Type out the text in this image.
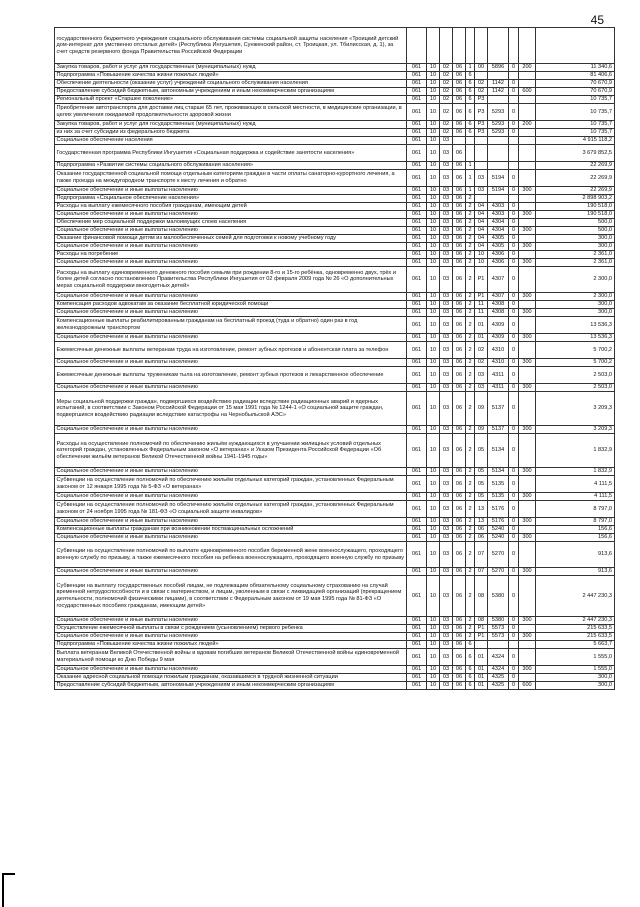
45
государственного бюджетного учреждения социального обслуживания системы социальной защиты населения «Троицкий детский дом-интернат для умственно отсталых детей» (Республика Ингушетия, Сунженский район, ст. Троицкая, ул. Тбилисская, д. 1), за счет средств резервного фонда Правительства Российской Федерации										
Закупка товаров, работ и услуг для государственных (муниципальных) нужд	061	10	02	06	1	00	5896	0	200	11 340,6
Подпрограмма «Повышение качества жизни пожилых людей»	061	10	02	06	6					81 406,6
Обеспечение деятельности (оказание услуг) учреждений социального обслуживания населения	061	10	02	06	6	02	1142	0		70 670,9
Предоставление субсидий бюджетным, автономным учреждениям и иным некоммерческим организациям	061	10	02	06	6	02	1142	0	600	70 670,9
Региональный проект «Старшее поколение»	061	10	02	06	6	P3				10 735,7
Приобретение автотранспорта для доставки лиц старше 65 лет, проживающих в сельской местности, в медицинские организации, в целях увеличения ожидаемой продолжительности здоровой жизни	061	10	02	06	6	P3	5293	0		10 735,7
Закупка товаров, работ и услуг для государственных (муниципальных) нужд	061	10	02	06	6	P3	5293	0	200	10 735,7
из них за счет субсидии из федерального бюджета	061	10	02	06	6	P3	5293	0		10 735,7
Социальное обеспечение населения	061	10	03							4 915 118,2
Государственная программа Республики Ингушетия «Социальная поддержка и содействие занятости населения»	061	10	03	06						3 679 852,5
Подпрограмма «Развитие системы социального обслуживания населения»	061	10	03	06	1					22 269,9
Оказание государственной социальной помощи отдельным категориям граждан в части оплаты санаторно-курортного лечения, а также проезда на междугородном транспорте к месту лечения и обратно	061	10	03	06	1	03	5194	0		22 269,9
Социальное обеспечение и иные выплаты населению	061	10	03	06	1	03	5194	0	300	22 269,9
Подпрограмма «Социальное обеспечение населения»	061	10	03	06	2					2 898 903,2
Расходы на выплату ежемесячного пособия гражданам, имеющим детей	061	10	03	06	2	04	4303	0		190 518,0
Социальное обеспечение и иные выплаты населению	061	10	03	06	2	04	4303	0	300	190 518,0
Обеспечение мер социальной поддержки малоимущих слоев населения	061	10	03	06	2	04	4304	0		500,0
Социальное обеспечение и иные выплаты населению	061	10	03	06	2	04	4304	0	300	500,0
Оказание финансовой помощи детям из малообеспеченных семей для подготовки к новому учебному году	061	10	03	06	2	04	4305	0		300,0
Социальное обеспечение и иные выплаты населению	061	10	03	06	2	04	4305	0	300	300,0
Расходы на погребение	061	10	03	06	2	10	4306	0		2 361,0
Социальное обеспечение и иные выплаты населению	061	10	03	06	2	10	4306	0	300	2 361,0
Расходы на выплату единовременного денежного пособия семьям при рождении 8-го и 15-го ребёнка, одновременно двух, трёх и более детей согласно постановлению Правительства Республики Ингушетия от 02 февраля 2009 года № 26 «О дополнительных мерах социальной поддержки многодетных детей»	061	10	03	06	2	P1	4307	0		2 300,0
Социальное обеспечение и иные выплаты населению	061	10	03	06	2	P1	4307	0	300	2 300,0
Компенсация расходов адвокатам за оказание бесплатной юридической помощи	061	10	03	06	2	11	4308	0		300,0
Социальное обеспечение и иные выплаты населению	061	10	03	06	2	11	4308	0	300	300,0
Компенсационные выплаты реабилитированным гражданам на бесплатный проезд (туда и обратно) один раз в год железнодорожным транспортом	061	10	03	06	2	01	4309	0		13 536,3
Социальное обеспечение и иные выплаты населению	061	10	03	06	2	01	4309	0	300	13 536,3
Ежемесячные денежные выплаты ветеранам труда на изготовление, ремонт зубных протезов и абонентская плата за телефон	061	10	03	06	2	02	4310	0		5 700,2
Социальное обеспечение и иные выплаты населению	061	10	03	06	2	02	4310	0	300	5 700,2
Ежемесячные денежные выплаты труженикам тыла на изготовление, ремонт зубных протезов и лекарственное обеспечение	061	10	03	06	2	03	4311	0		2 503,0
Социальное обеспечение и иные выплаты населению	061	10	03	06	2	03	4311	0	300	2 503,0
Меры социальной поддержки граждан, подвергшихся воздействию радиации вследствие радиационных аварий и ядерных испытаний, в соответствии с Законом Российской Федерации от 15 мая 1991 года № 1244-1 «О социальной защите граждан, подвергшихся воздействию радиации вследствие катастрофы на Чернобыльской АЭС»	061	10	03	06	2	09	5137	0		3 209,3
Социальное обеспечение и иные выплаты населению	061	10	03	06	2	09	5137	0	300	3 209,3
Расходы на осуществление полномочий по обеспечению жильём нуждающихся в улучшении жилищных условий отдельных категорий граждан, установленных Федеральным законом «О ветеранах» и Указом Президента Российской Федерации «Об обеспечении жильём ветеранов Великой Отечественной войны 1941-1945 годы»	061	10	03	06	2	05	5134	0		1 832,9
Социальное обеспечение и иные выплаты населению	061	10	03	06	2	05	5134	0	300	1 832,9
Субвенции на осуществление полномочий по обеспечению жильём отдельных категорий граждан, установленных Федеральным законом от 12 января 1995 года № 5-ФЗ «О ветеранах»	061	10	03	06	2	05	5135	0		4 111,5
Социальное обеспечение и иные выплаты населению	061	10	03	06	2	05	5135	0	300	4 111,5
Субвенции на осуществление полномочий по обеспечению жильём отдельных категорий граждан, установленных Федеральным законом от 24 ноября 1995 года № 181-ФЗ «О социальной защите инвалидов»	061	10	03	06	2	13	5176	0		8 797,0
Социальное обеспечение и иные выплаты населению	061	10	03	06	2	13	5176	0	300	8 797,0
Компенсационные выплаты гражданам при возникновении поствакцинальных осложнений	061	10	03	06	2	06	5240	0		156,6
Социальное обеспечение и иные выплаты населению	061	10	03	06	2	06	5240	0	300	156,6
Субвенции на осуществление полномочий по выплате единовременного пособия беременной жене военнослужащего, проходящего военную службу по призыву, а также ежемесячного пособия на ребенка военнослужащего, проходящего военную службу по призыву	061	10	03	06	2	07	5270	0		913,6
Социальное обеспечение и иные выплаты населению	061	10	03	06	2	07	5270	0	300	913,6
Субвенции на выплату государственных пособий лицам, не подлежащим обязательному социальному страхованию на случай временной нетрудоспособности и в связи с материнством, и лицам, уволенным в связи с ликвидацией организаций (прекращением деятельности, полномочий физическими лицами), в соответствии с Федеральным законом от 19 мая 1995 года № 81-ФЗ «О государственных пособиях гражданам, имеющим детей»	061	10	03	06	2	08	5380	0		2 447 230,3
Социальное обеспечение и иные выплаты населению	061	10	03	06	2	08	5380	0	300	2 447 230,3
Осуществление ежемесячной выплаты в связи с рождением (усыновлением) первого ребенка	061	10	03	06	2	P1	5573	0		215 633,5
Социальное обеспечение и иные выплаты населению	061	10	03	06	2	P1	5573	0	300	215 633,5
Подпрограмма «Повышение качества жизни пожилых людей»	061	10	03	06	6					5 663,7
Выплата ветеранам Великой Отечественной войны и вдовам погибших ветеранов Великой Отечественной войны единовременной материальной помощи ко Дню Победы 9 мая	061	10	03	06	6	01	4324	0		1 555,0
Социальное обеспечение и иные выплаты населению	061	10	03	06	6	01	4324	0	300	1 555,0
Оказание адресной социальной помощи пожилым гражданам, оказавшимся в трудной жизненной ситуации	061	10	03	06	6	01	4325	0		300,0
Предоставление субсидий бюджетным, автономным учреждениям и иным некоммерческим организациям	061	10	03	06	6	01	4325	0	600	300,0
